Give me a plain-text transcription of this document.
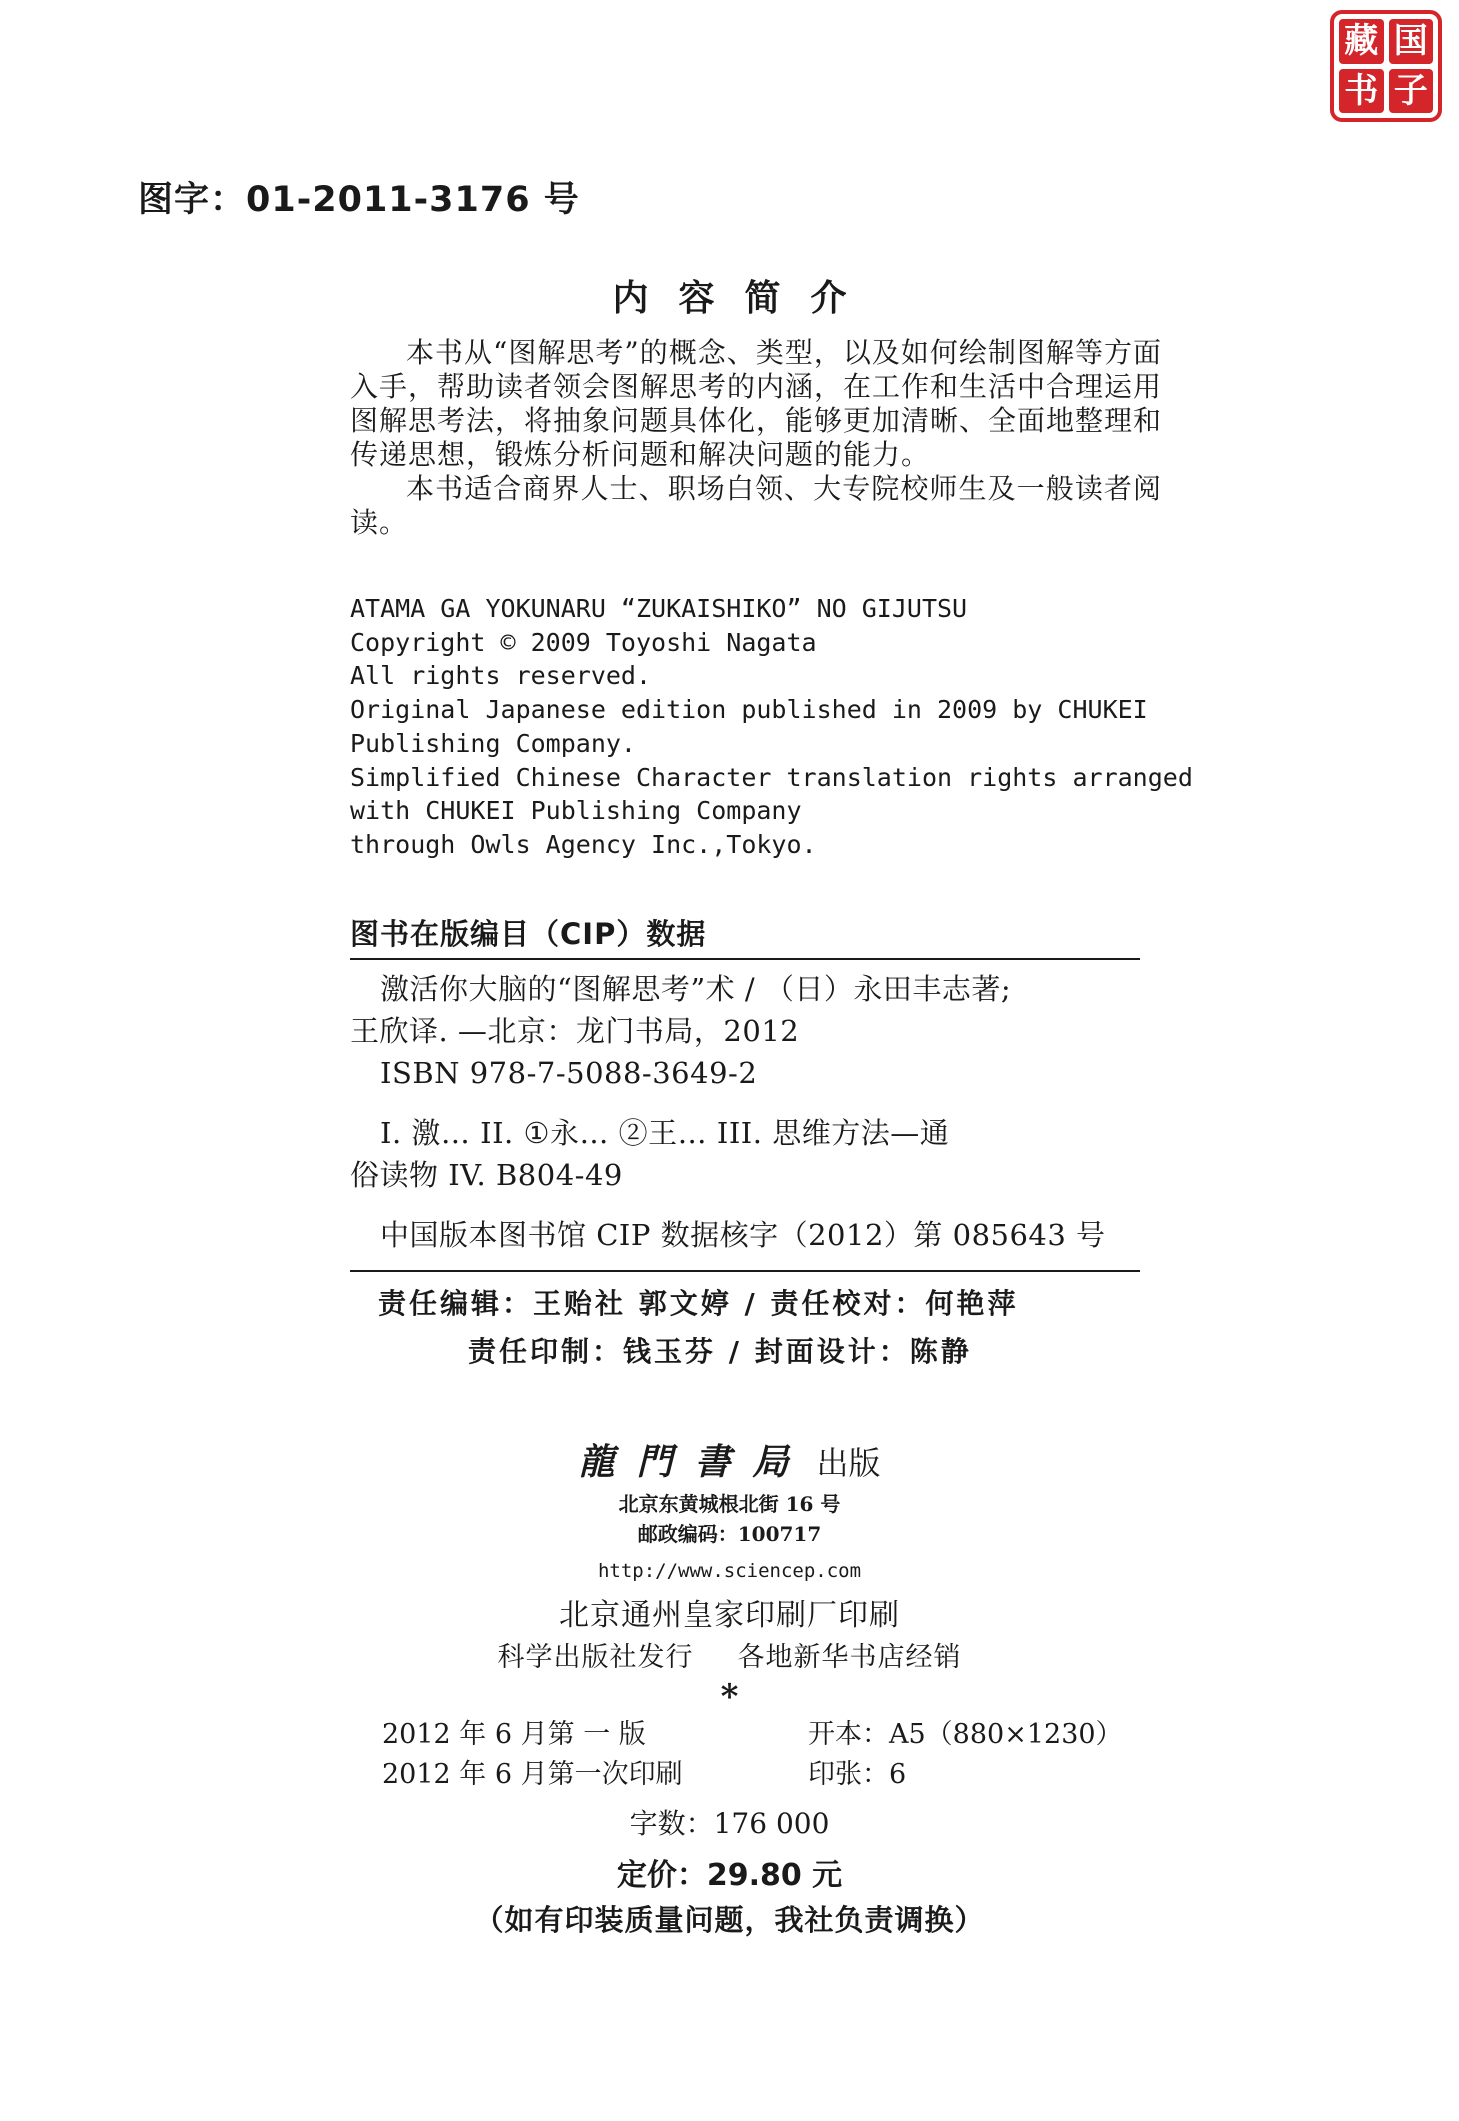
藏 国
书 子
图字：01-2011-3176 号
内容简介

本书从“图解思考”的概念、类型，以及如何绘制图解等方面入手，帮助读者领会图解思考的内涵，在工作和生活中合理运用图解思考法，将抽象问题具体化，能够更加清晰、全面地整理和传递思想，锻炼分析问题和解决问题的能力。

本书适合商界人士、职场白领、大专院校师生及一般读者阅读。

ATAMA GA YOKUNARU “ZUKAISHIKO” NO GIJUTSU
Copyright © 2009 Toyoshi Nagata
All rights reserved.
Original Japanese edition published in 2009 by CHUKEI
Publishing Company.
Simplified Chinese Character translation rights arranged
with CHUKEI Publishing Company
through Owls Agency Inc.,Tokyo.
图书在版编目（CIP）数据
激活你大脑的“图解思考”术 / （日）永田丰志著;
王欣译. —北京：龙门书局，2012
ISBN 978-7-5088-3649-2
I. 激… II. ①永… ②王… III. 思维方法—通
俗读物 IV. B804-49
中国版本图书馆 CIP 数据核字（2012）第 085643 号
责任编辑：王贻社 郭文婷 / 责任校对：何艳萍
责任印制：钱玉芬 / 封面设计：陈静
龍門書局 出版
北京东黄城根北街 16 号
邮政编码：100717
http://www.sciencep.com
北京通州皇家印刷厂印刷
科学出版社发行 各地新华书店经销
*
2012 年 6 月第 一 版
2012 年 6 月第一次印刷
开本：A5（880×1230）
印张：6
字数：176 000
定价：29.80 元
（如有印装质量问题，我社负责调换）
